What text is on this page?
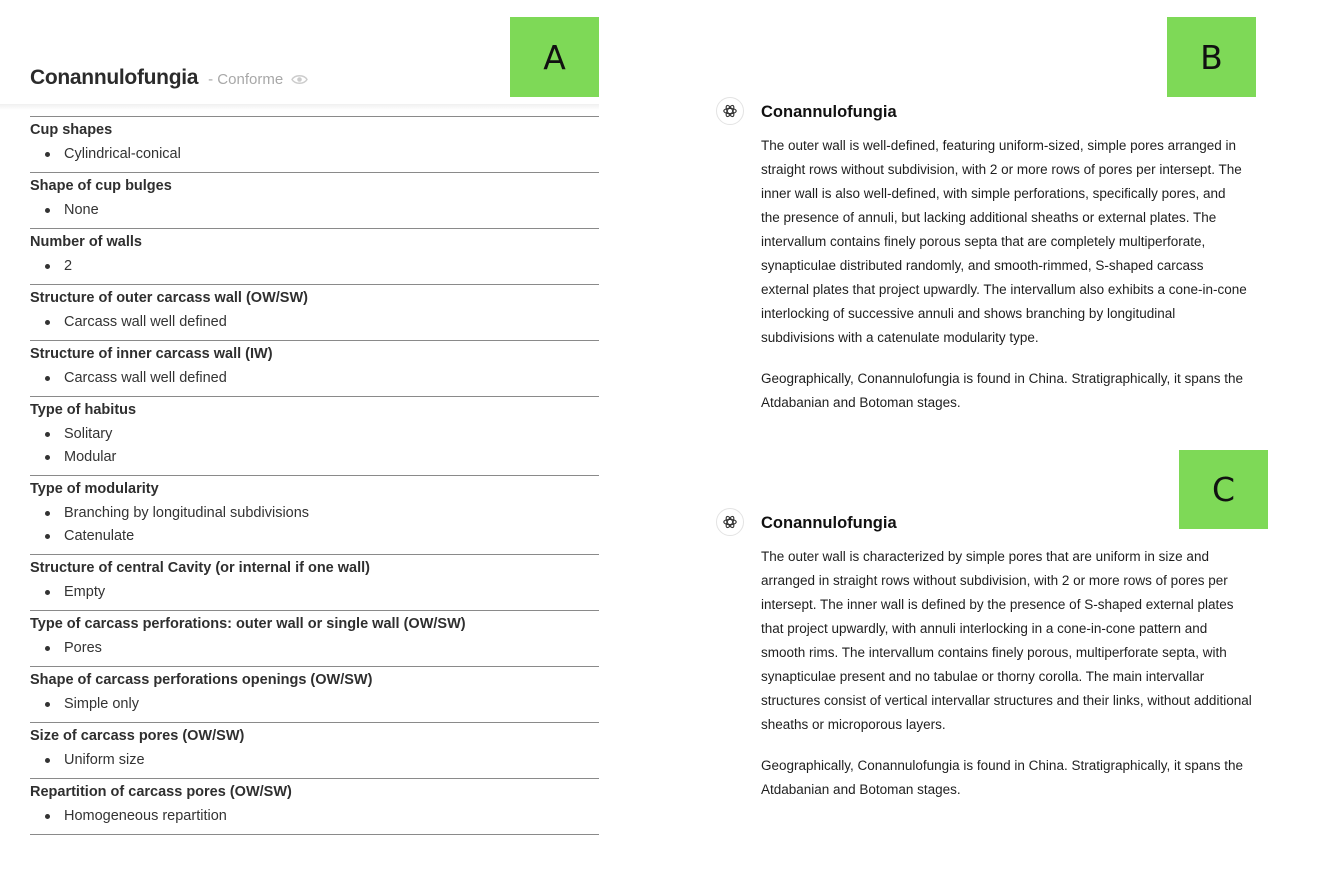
A	B
C
Conannulofungia - Conforme
Cup shapes
Cylindrical-conical
Shape of cup bulges
None
Number of walls
2
Structure of outer carcass wall (OW/SW)
Carcass wall well defined
Structure of inner carcass wall (IW)
Carcass wall well defined
Type of habitus
Solitary
Modular
Type of modularity
Branching by longitudinal subdivisions
Catenulate
Structure of central Cavity (or internal if one wall)
Empty
Type of carcass perforations: outer wall or single wall (OW/SW)
Pores
Shape of carcass perforations openings (OW/SW)
Simple only
Size of carcass pores (OW/SW)
Uniform size
Repartition of carcass pores (OW/SW)
Homogeneous repartition
Conannulofungia

The outer wall is well-defined, featuring uniform-sized, simple pores arranged in straight rows without subdivision, with 2 or more rows of pores per intersept. The inner wall is also well-defined, with simple perforations, specifically pores, and the presence of annuli, but lacking additional sheaths or external plates. The intervallum contains finely porous septa that are completely multiperforate, synapticulae distributed randomly, and smooth-rimmed, S-shaped carcass external plates that project upwardly. The intervallum also exhibits a cone-in-cone interlocking of successive annuli and shows branching by longitudinal subdivisions with a catenulate modularity type.

Geographically, Conannulofungia is found in China. Stratigraphically, it spans the Atdabanian and Botoman stages.

Conannulofungia

The outer wall is characterized by simple pores that are uniform in size and arranged in straight rows without subdivision, with 2 or more rows of pores per intersept. The inner wall is defined by the presence of S-shaped external plates that project upwardly, with annuli interlocking in a cone-in-cone pattern and smooth rims. The intervallum contains finely porous, multiperforate septa, with synapticulae present and no tabulae or thorny corolla. The main intervallar structures consist of vertical intervallar structures and their links, without additional sheaths or microporous layers.

Geographically, Conannulofungia is found in China. Stratigraphically, it spans the Atdabanian and Botoman stages.
